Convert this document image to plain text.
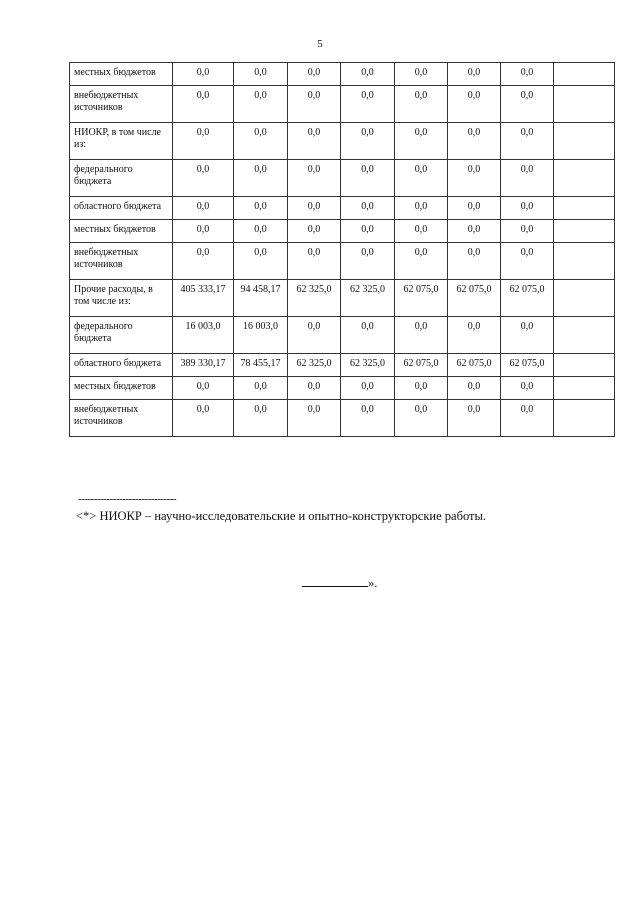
5
местных бюджетов	0,0	0,0	0,0	0,0	0,0	0,0	0,0	
внебюджетных источников	0,0	0,0	0,0	0,0	0,0	0,0	0,0	
НИОКР, в том числе из:	0,0	0,0	0,0	0,0	0,0	0,0	0,0	
федерального бюджета	0,0	0,0	0,0	0,0	0,0	0,0	0,0	
областного бюджета	0,0	0,0	0,0	0,0	0,0	0,0	0,0	
местных бюджетов	0,0	0,0	0,0	0,0	0,0	0,0	0,0	
внебюджетных источников	0,0	0,0	0,0	0,0	0,0	0,0	0,0	
Прочие расходы, в том числе из:	405 333,17	94 458,17	62 325,0	62 325,0	62 075,0	62 075,0	62 075,0	
федерального бюджета	16 003,0	16 003,0	0,0	0,0	0,0	0,0	0,0	
областного бюджета	389 330,17	78 455,17	62 325,0	62 325,0	62 075,0	62 075,0	62 075,0	
местных бюджетов	0,0	0,0	0,0	0,0	0,0	0,0	0,0	
внебюджетных источников	0,0	0,0	0,0	0,0	0,0	0,0	0,0	
-------------------------------
<*> НИОКР – научно-исследовательские и опытно-конструкторские работы.
».
